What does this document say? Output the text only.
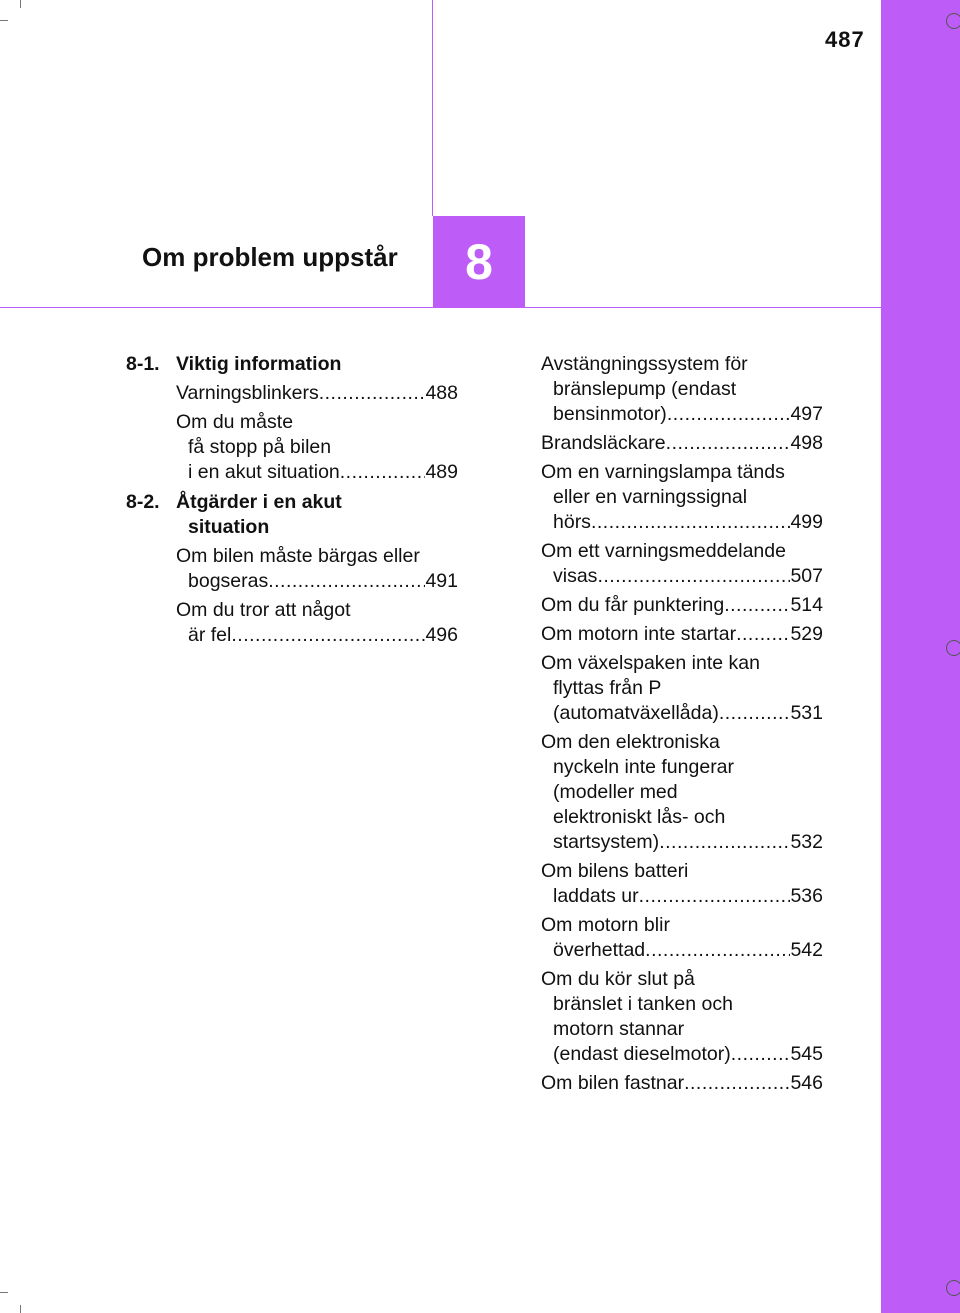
487
Om problem uppstår 8
8-1. Viktig information
Varningsblinkers .....	488
Om du måste
få stopp på bilen
i en akut situation .....	489
8-2. Åtgärder i en akut
situation
Om bilen måste bärgas eller
bogseras .....	491
Om du tror att något
är fel .....	496
Avstängningssystem för
bränslepump (endast
bensinmotor) .....	497
Brandsläckare .....	498
Om en varningslampa tänds
eller en varningssignal
hörs .....	499
Om ett varningsmeddelande
visas .....	507
Om du får punktering .....	514
Om motorn inte startar .....	529
Om växelspaken inte kan
flyttas från P
(automatväxellåda) .....	531
Om den elektroniska
nyckeln inte fungerar
(modeller med
elektroniskt lås- och
startsystem) .....	532
Om bilens batteri
laddats ur .....	536
Om motorn blir
överhettad .....	542
Om du kör slut på
bränslet i tanken och
motorn stannar
(endast dieselmotor) .....	545
Om bilen fastnar .....	546
